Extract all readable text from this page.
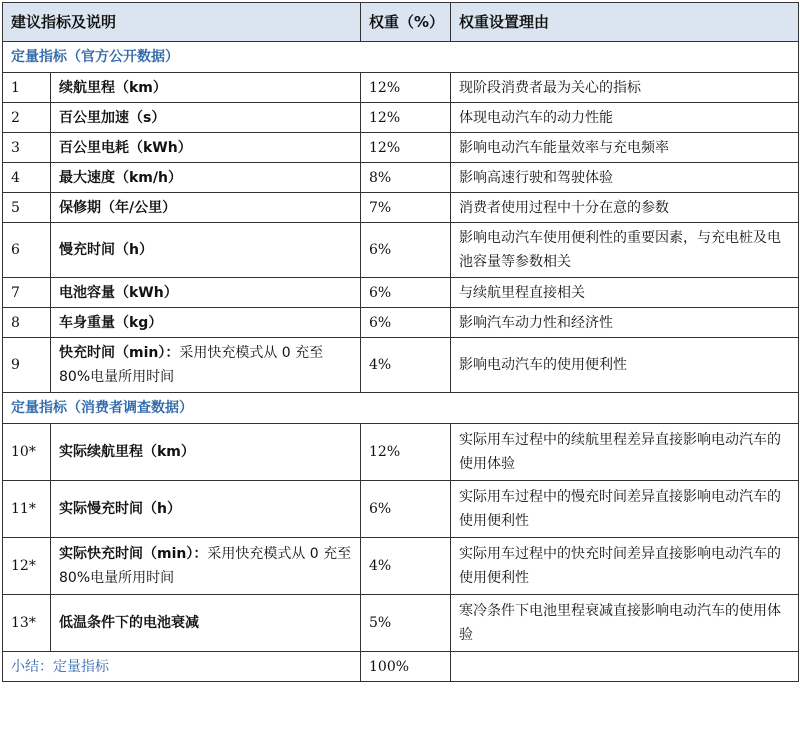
建议指标及说明		权重（%）	权重设置理由
定量指标（官方公开数据）			
1	续航里程（km）	12%	现阶段消费者最为关心的指标
2	百公里加速（s）	12%	体现电动汽车的动力性能
3	百公里电耗（kWh）	12%	影响电动汽车能量效率与充电频率
4	最大速度（km/h）	8%	影响高速行驶和驾驶体验
5	保修期（年/公里）	7%	消费者使用过程中十分在意的参数
6	慢充时间（h）	6%	影响电动汽车使用便利性的重要因素，与充电桩及电池容量等参数相关
7	电池容量（kWh）	6%	与续航里程直接相关
8	车身重量（kg）	6%	影响汽车动力性和经济性
9	快充时间（min）：采用快充模式从 0 充至 80%电量所用时间	4%	影响电动汽车的使用便利性
定量指标（消费者调查数据）			
10*	实际续航里程（km）	12%	实际用车过程中的续航里程差异直接影响电动汽车的使用体验
11*	实际慢充时间（h）	6%	实际用车过程中的慢充时间差异直接影响电动汽车的使用便利性
12*	实际快充时间（min）：采用快充模式从 0 充至 80%电量所用时间	4%	实际用车过程中的快充时间差异直接影响电动汽车的使用便利性
13*	低温条件下的电池衰减	5%	寒冷条件下电池里程衰减直接影响电动汽车的使用体验
小结：定量指标		100%	
